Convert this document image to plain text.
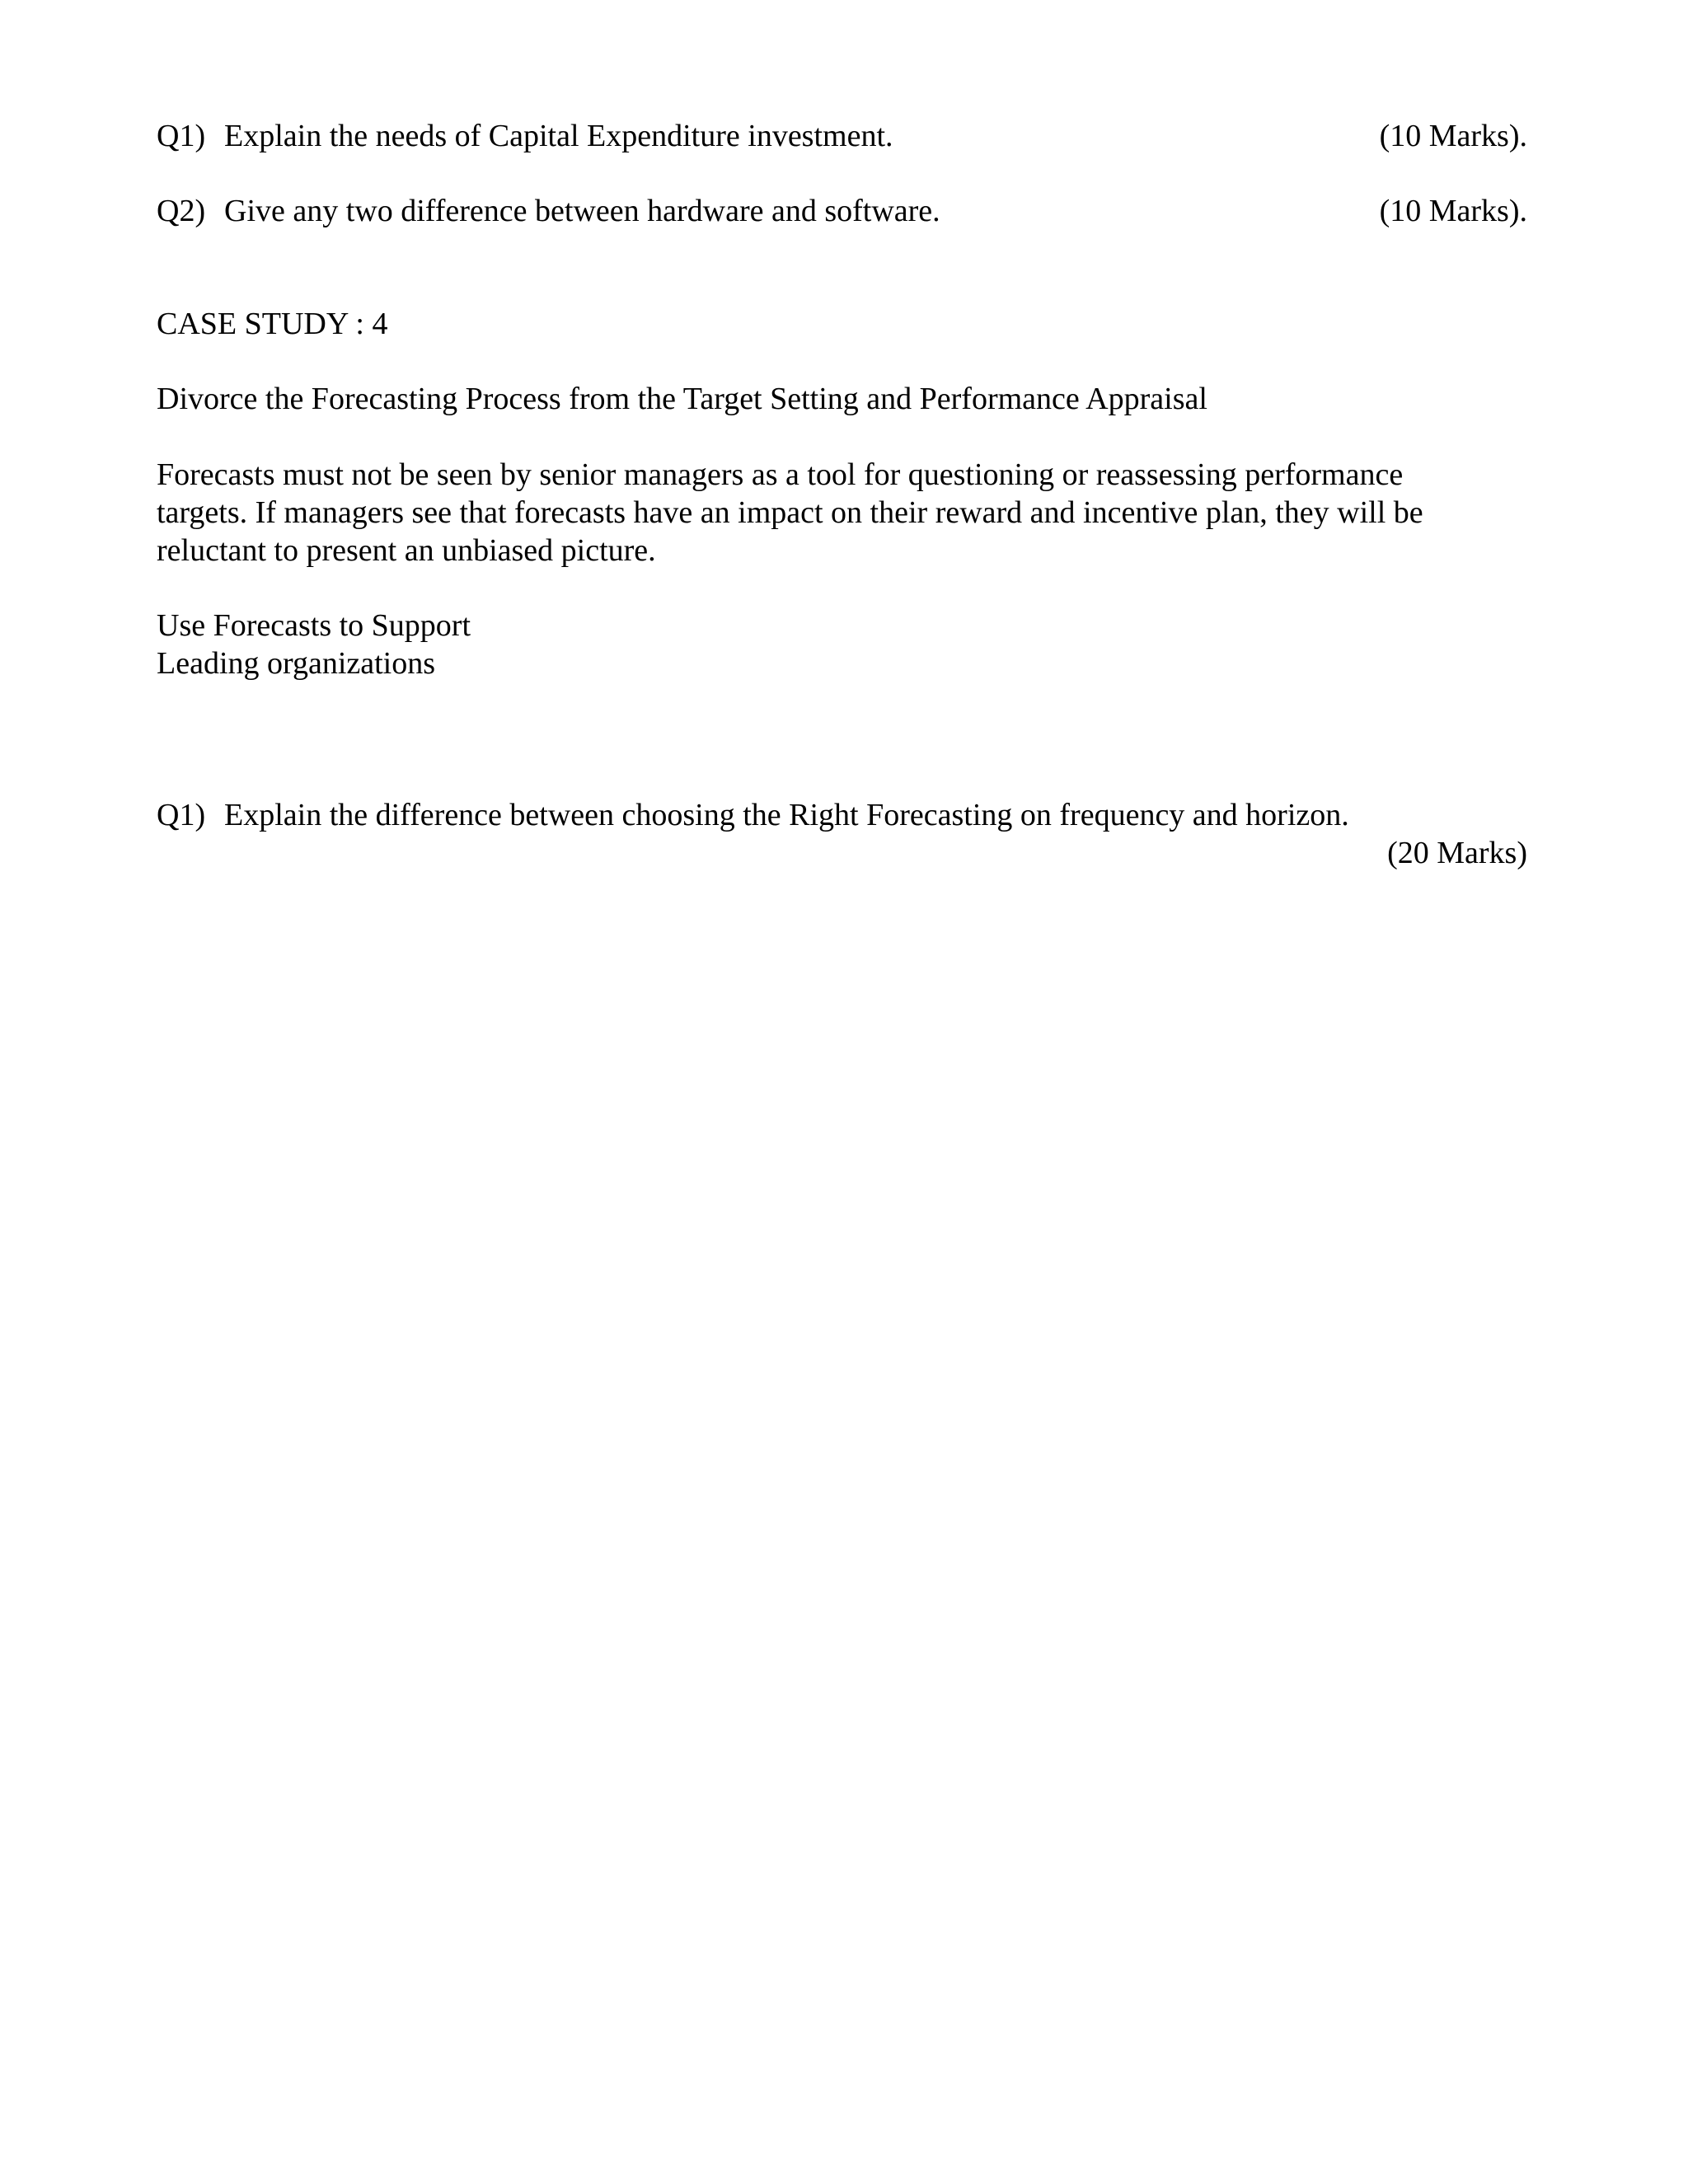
Q1) Explain the needs of Capital Expenditure investment.	(10 Marks).
Q2) Give any two difference between hardware and software.	(10 Marks).
CASE STUDY : 4
Divorce the Forecasting Process from the Target Setting and Performance Appraisal
Forecasts must not be seen by senior managers as a tool for questioning or reassessing performance
targets. If managers see that forecasts have an impact on their reward and incentive plan, they will be
reluctant to present an unbiased picture.
Use Forecasts to Support
Leading organizations
Q1) Explain the difference between choosing the Right Forecasting on frequency and horizon.
(20 Marks)
